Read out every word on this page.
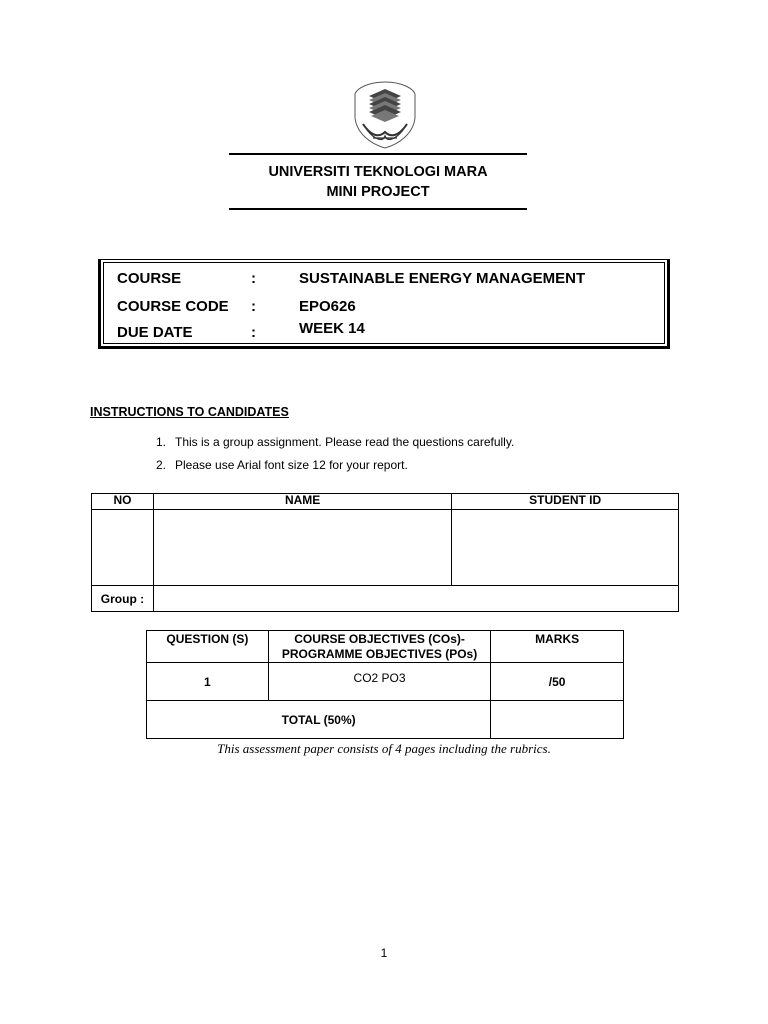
UNIVERSITI TEKNOLOGI MARA
MINI PROJECT
COURSE	:	SUSTAINABLE ENERGY MANAGEMENT
COURSE CODE :	EPO626
DUE DATE	:	WEEK 14
INSTRUCTIONS TO CANDIDATES
1. This is a group assignment. Please read the questions carefully.
2. Please use Arial font size 12 for your report.
NO	NAME	STUDENT ID

Group :		
QUESTION (S)	COURSE OBJECTIVES (COs)-
PROGRAMME OBJECTIVES (POs)	MARKS
1	CO2 PO3	/50
TOTAL (50%)		
This assessment paper consists of 4 pages including the rubrics.
1
